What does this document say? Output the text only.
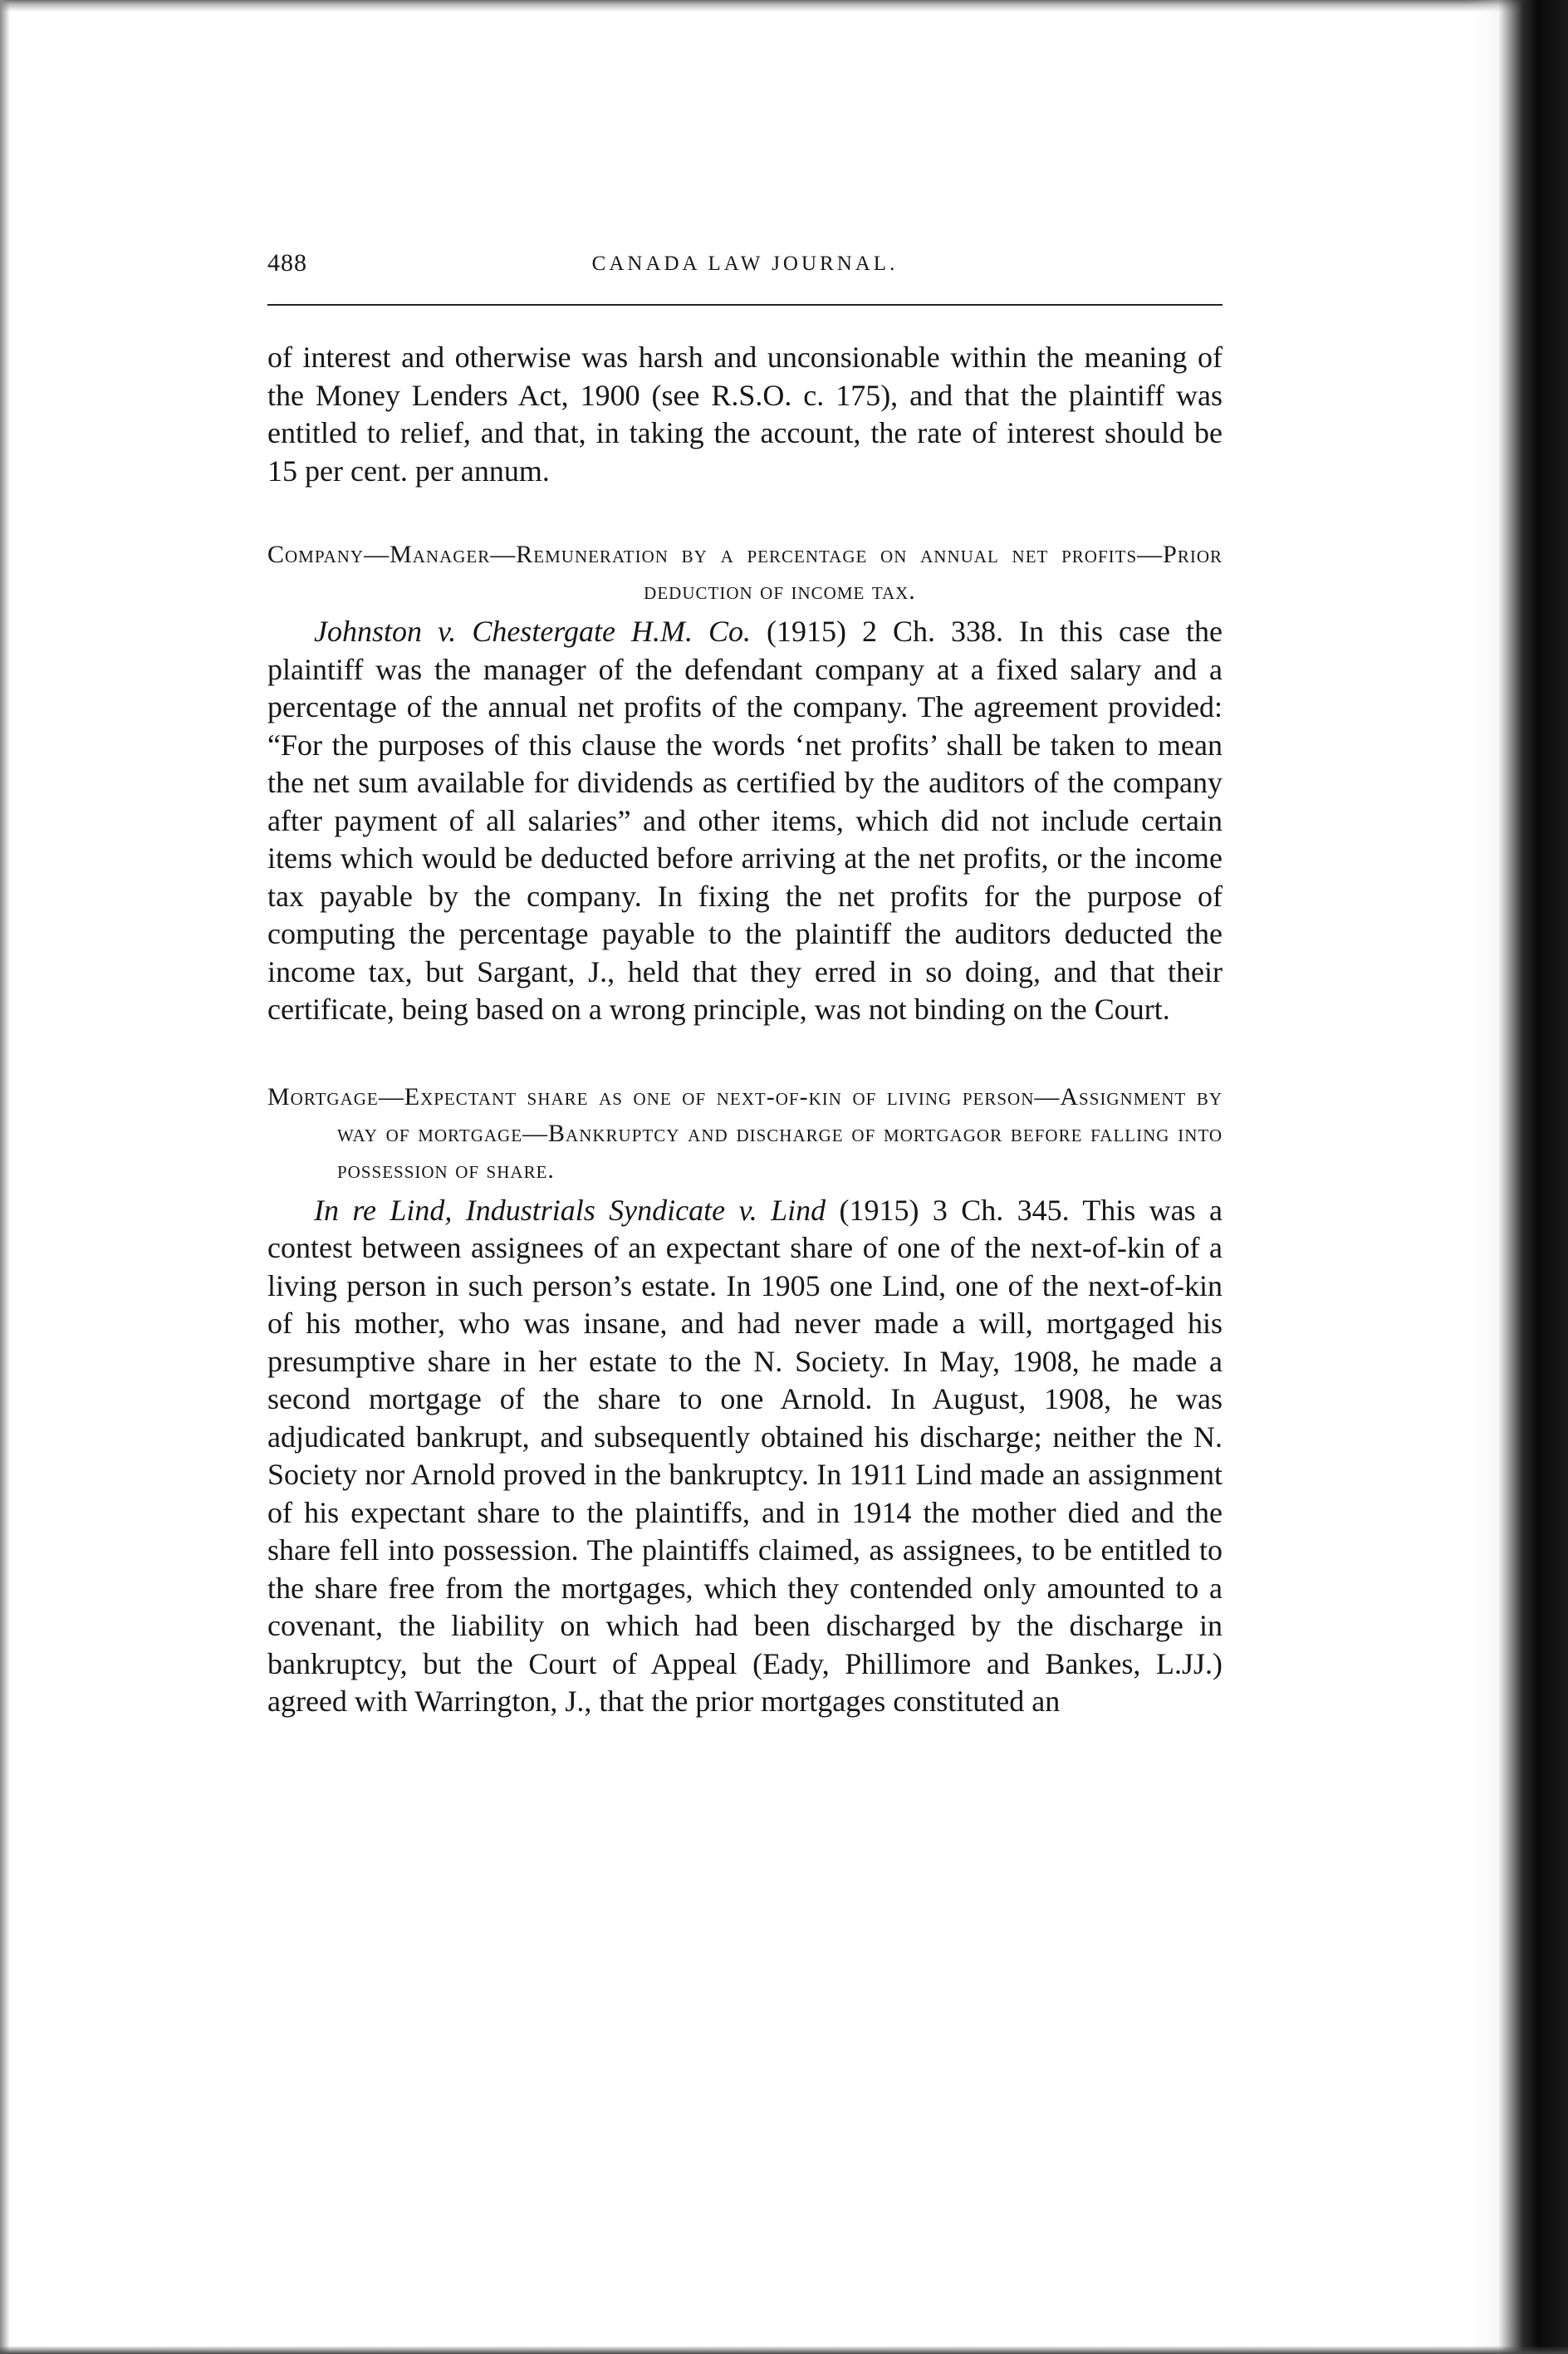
488	CANADA LAW JOURNAL.

of interest and otherwise was harsh and unconsionable within the meaning of the Money Lenders Act, 1900 (see R.S.O. c. 175), and that the plaintiff was entitled to relief, and that, in taking the account, the rate of interest should be 15 per cent. per annum.

Company—Manager—Remuneration by a percentage on annual net profits—Prior deduction of income tax.

Johnston v. Chestergate H.M. Co. (1915) 2 Ch. 338. In this case the plaintiff was the manager of the defendant company at a fixed salary and a percentage of the annual net profits of the company. The agreement provided: “For the purposes of this clause the words ‘net profits’ shall be taken to mean the net sum available for dividends as certified by the auditors of the company after payment of all salaries” and other items, which did not include certain items which would be deducted before arriving at the net profits, or the income tax payable by the company. In fixing the net profits for the purpose of computing the percentage payable to the plaintiff the auditors deducted the income tax, but Sargant, J., held that they erred in so doing, and that their certificate, being based on a wrong principle, was not binding on the Court.

Mortgage—Expectant share as one of next-of-kin of living person—Assignment by way of mortgage—Bankruptcy and discharge of mortgagor before falling into possession of share.

In re Lind, Industrials Syndicate v. Lind (1915) 3 Ch. 345. This was a contest between assignees of an expectant share of one of the next-of-kin of a living person in such person’s estate. In 1905 one Lind, one of the next-of-kin of his mother, who was insane, and had never made a will, mortgaged his presumptive share in her estate to the N. Society. In May, 1908, he made a second mortgage of the share to one Arnold. In August, 1908, he was adjudicated bankrupt, and subsequently obtained his discharge; neither the N. Society nor Arnold proved in the bankruptcy. In 1911 Lind made an assignment of his expectant share to the plaintiffs, and in 1914 the mother died and the share fell into possession. The plaintiffs claimed, as assignees, to be entitled to the share free from the mortgages, which they contended only amounted to a covenant, the liability on which had been discharged by the discharge in bankruptcy, but the Court of Appeal (Eady, Phillimore and Bankes, L.JJ.) agreed with Warrington, J., that the prior mortgages constituted an
